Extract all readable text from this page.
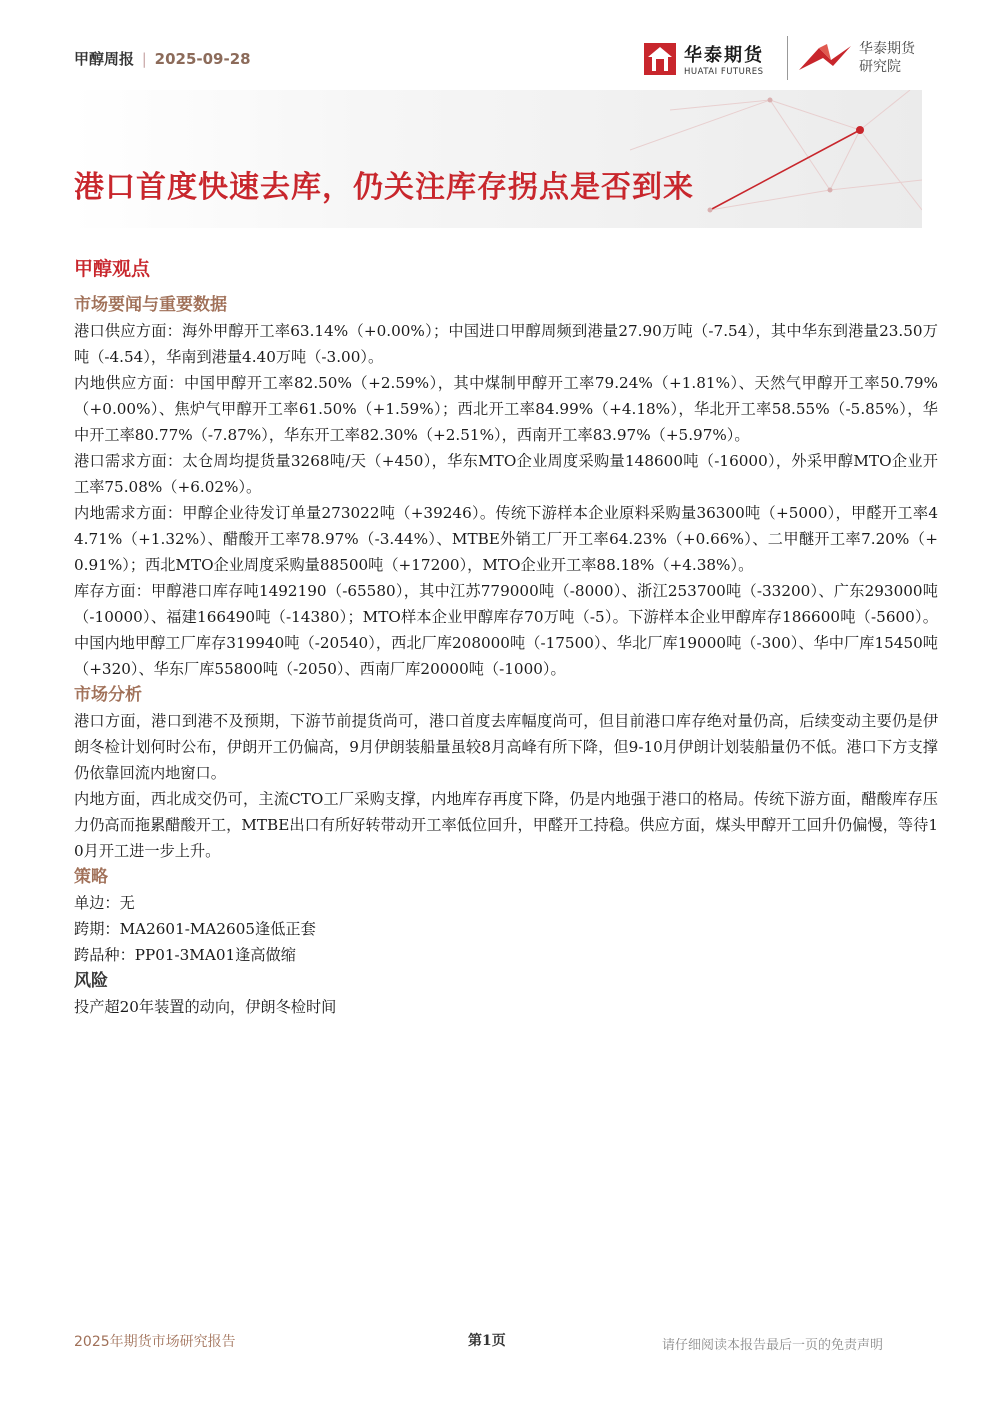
甲醇周报 | 2025-09-28	华泰期货
HUATAI FUTURES
华泰期货
研究院
港口首度快速去库，仍关注库存拐点是否到来
甲醇观点
市场要闻与重要数据

港口供应方面：海外甲醇开工率63.14%（+0.00%）；中国进口甲醇周频到港量27.90万吨（-7.54），其中华东到港量23.50万吨（-4.54），华南到港量4.40万吨（-3.00）。

内地供应方面：中国甲醇开工率82.50%（+2.59%），其中煤制甲醇开工率79.24%（+1.81%）、天然气甲醇开工率50.79%（+0.00%）、焦炉气甲醇开工率61.50%（+1.59%）；西北开工率84.99%（+4.18%），华北开工率58.55%（-5.85%），华中开工率80.77%（-7.87%），华东开工率82.30%（+2.51%），西南开工率83.97%（+5.97%）。

港口需求方面：太仓周均提货量3268吨/天（+450），华东MTO企业周度采购量148600吨（-16000），外采甲醇MTO企业开工率75.08%（+6.02%）。

内地需求方面：甲醇企业待发订单量273022吨（+39246）。传统下游样本企业原料采购量36300吨（+5000），甲醛开工率44.71%（+1.32%）、醋酸开工率78.97%（-3.44%）、MTBE外销工厂开工率64.23%（+0.66%）、二甲醚开工率7.20%（+0.91%）；西北MTO企业周度采购量88500吨（+17200），MTO企业开工率88.18%（+4.38%）。

库存方面：甲醇港口库存吨1492190（-65580），其中江苏779000吨（-8000）、浙江253700吨（-33200）、广东293000吨（-10000）、福建166490吨（-14380）；MTO样本企业甲醇库存70万吨（-5）。下游样本企业甲醇库存186600吨（-5600）。中国内地甲醇工厂库存319940吨（-20540），西北厂库208000吨（-17500）、华北厂库19000吨（-300）、华中厂库15450吨（+320）、华东厂库55800吨（-2050）、西南厂库20000吨（-1000）。

市场分析

港口方面，港口到港不及预期，下游节前提货尚可，港口首度去库幅度尚可，但目前港口库存绝对量仍高，后续变动主要仍是伊朗冬检计划何时公布，伊朗开工仍偏高，9月伊朗装船量虽较8月高峰有所下降，但9-10月伊朗计划装船量仍不低。港口下方支撑仍依靠回流内地窗口。

内地方面，西北成交仍可，主流CTO工厂采购支撑，内地库存再度下降，仍是内地强于港口的格局。传统下游方面，醋酸库存压力仍高而拖累醋酸开工，MTBE出口有所好转带动开工率低位回升，甲醛开工持稳。供应方面，煤头甲醇开工回升仍偏慢，等待10月开工进一步上升。

策略

单边：无

跨期：MA2601-MA2605逢低正套

跨品种：PP01-3MA01逢高做缩

风险

投产超20年装置的动向，伊朗冬检时间

2025年期货市场研究报告	第1页	请仔细阅读本报告最后一页的免责声明
